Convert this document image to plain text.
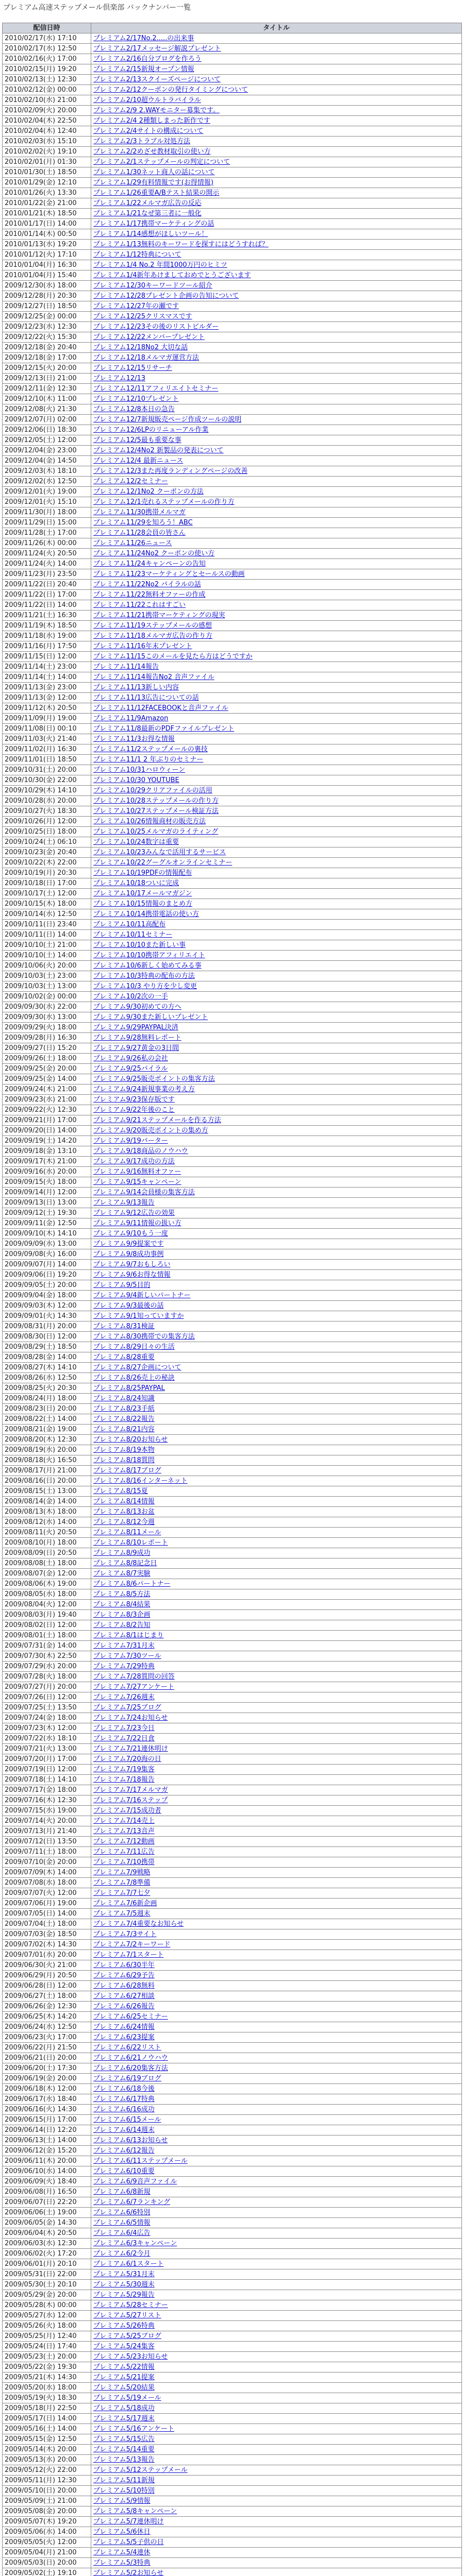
プレミアム高速ステップメール倶楽部 バックナンバー一覧
配信日時	タイトル
2010/02/17(水) 17:10	プレミアム2/17No.2.....の出来事
2010/02/17(水) 12:50	プレミアム2/17メッセージ解説プレゼント
2010/02/16(火) 17:00	プレミアム2/16自分ブログを作ろう
2010/02/15(月) 19:20	プレミアム2/15新規オープン情報
2010/02/13(土) 12:30	プレミアム2/13スクイーズページについて
2010/02/12(金) 00:00	プレミアム2/12クーポンの発行タイミングについて
2010/02/10(水) 21:00	プレミアム2/10超ウルトラバイラル
2010/02/09(火) 20:00	プレミアム2/9 2.WAYモニター募集です。
2010/02/04(木) 22:50	プレミアム2/4 2種類しまった新作です
2010/02/04(木) 12:40	プレミアム2/4サイトの構成について
2010/02/03(水) 15:10	プレミアム2/3トラブル対処方法
2010/02/02(火) 19:10	プレミアム2/2めざせ教材取引の使い方
2010/02/01(月) 01:30	プレミアム2/1ステップメールの判定について
2010/01/30(土) 18:50	プレミアム1/30ネット商人の話について
2010/01/29(金) 12:10	プレミアム1/29有料情報です(お得情報)
2010/01/26(火) 13:30	プレミアム1/26重要A/Bテスト結果の開示
2010/01/22(金) 21:00	プレミアム1/22メルマガ広告の反応
2010/01/21(木) 18:50	プレミアム1/21なぜ第三者に一般化
2010/01/17(日) 14:00	プレミアム1/17携帯マーケティングの話
2010/01/14(木) 00:50	プレミアム1/14感想がほしいツール！
2010/01/13(水) 19:20	プレミアム1/13無料のキーワードを探すにはどうすれば？
2010/01/12(火) 17:10	プレミアム1/12特典について
2010/01/04(月) 16:30	プレミアム1/4 No.2 年間1000万円のヒミツ
2010/01/04(月) 15:40	プレミアム1/4新年あけましておめでとうございます
2009/12/30(水) 18:00	プレミアム12/30キーワードツール紹介
2009/12/28(月) 20:30	プレミアム12/28プレゼント企画の告知について
2009/12/27(日) 18:50	プレミアム12/27年の瀬です
2009/12/25(金) 00:00	プレミアム12/25クリスマスです
2009/12/23(水) 12:30	プレミアム12/23その後のリストビルダー
2009/12/22(火) 15:30	プレミアム12/22メンバープレゼント
2009/12/18(金) 20:40	プレミアム12/18No2 大切な話
2009/12/18(金) 17:00	プレミアム12/18メルマガ運営方法
2009/12/15(火) 20:00	プレミアム12/15リサーチ
2009/12/13(日) 21:00	プレミアム12/13
2009/12/11(金) 12:30	プレミアム12/11アフィリエイトセミナー
2009/12/10(木) 11:00	プレミアム12/10プレゼント
2009/12/08(火) 21:30	プレミアム12/8本日の急告
2009/12/07(月) 02:00	プレミアム12/7新規販売ページ作成ツールの説明
2009/12/06(日) 18:30	プレミアム12/6LPのリニューアル作業
2009/12/05(土) 12:00	プレミアム12/5最も重要な事
2009/12/04(金) 23:00	プレミアム12/4No2 新製品の発表について
2009/12/04(金) 14:50	プレミアム12/4 最新ニュース
2009/12/03(木) 18:10	プレミアム12/3また再度ランディングページの改善
2009/12/02(水) 12:50	プレミアム12/2セミナー
2009/12/01(火) 19:00	プレミアム12/1No2 クーポンの方法
2009/12/01(火) 15:10	プレミアム12/1売れるステップメールの作り方
2009/11/30(月) 18:00	プレミアム11/30携帯メルマガ
2009/11/29(日) 15:00	プレミアム11/29を知ろう！ABC
2009/11/28(土) 17:00	プレミアム11/28会員の皆さん
2009/11/26(木) 00:00	プレミアム11/26ニュース
2009/11/24(火) 20:50	プレミアム11/24No2 クーポンの使い方
2009/11/24(火) 14:00	プレミアム11/24キャンペーンの告知
2009/11/23(月) 23:50	プレミアム11/23マーケティングとセールスの動画
2009/11/22(日) 20:40	プレミアム11/22No2 バイラルの話
2009/11/22(日) 17:00	プレミアム11/22無料オファーの作成
2009/11/22(日) 14:00	プレミアム11/22これはすごい
2009/11/21(土) 16:30	プレミアム11/21携帯マーケティングの現実
2009/11/19(木) 18:50	プレミアム11/19ステップメールの感想
2009/11/18(水) 19:00	プレミアム11/18メルマガ広告の作り方
2009/11/16(月) 17:50	プレミアム11/16年末プレゼント
2009/11/15(日) 12:00	プレミアム11/15このメールを見たら方はどうですか
2009/11/14(土) 23:00	プレミアム11/14報告
2009/11/14(土) 14:00	プレミアム11/14報告No2 音声ファイル
2009/11/13(金) 23:00	プレミアム11/13新しい内容
2009/11/13(金) 12:00	プレミアム11/13広告についての話
2009/11/12(木) 20:50	プレミアム11/12FACEBOOKと音声ファイル
2009/11/09(月) 19:00	プレミアム11/9Amazon
2009/11/08(日) 00:10	プレミアム11/8最新のPDFファイルプレゼント
2009/11/03(火) 21:40	プレミアム11/3お得な情報
2009/11/02(月) 16:30	プレミアム11/2ステップメールの裏技
2009/11/01(日) 18:50	プレミアム11/1 2 年ぶりのセミナー
2009/10/31(土) 20:00	プレミアム10/31ハロウィーン
2009/10/30(金) 22:00	プレミアム10/30 YOUTUBE
2009/10/29(木) 14:10	プレミアム10/29クリアファイルの活用
2009/10/28(水) 20:00	プレミアム10/28ステップメールの作り方
2009/10/27(火) 18:30	プレミアム10/27ステップメール検証方法
2009/10/26(月) 12:00	プレミアム10/26情報商材の販売方法
2009/10/25(日) 18:00	プレミアム10/25メルマガのライティング
2009/10/24(土) 06:10	プレミアム10/24数字は重要
2009/10/23(金) 20:40	プレミアム10/23みんなで活用するサービス
2009/10/22(木) 22:00	プレミアム10/22グーグルオンラインセミナー
2009/10/19(月) 20:30	プレミアム10/19PDFの情報配布
2009/10/18(日) 17:00	プレミアム10/18ついに完成
2009/10/17(土) 12:00	プレミアム10/17メールマガジン
2009/10/15(木) 18:00	プレミアム10/15情報のまとめ方
2009/10/14(水) 12:50	プレミアム10/14携帯電話の使い方
2009/10/11(日) 23:40	プレミアム10/11高配布
2009/10/11(日) 14:00	プレミアム10/11セミナー
2009/10/10(土) 21:00	プレミアム10/10また新しい事
2009/10/10(土) 14:00	プレミアム10/10携帯アフィリエイト
2009/10/06(火) 20:00	プレミアム10/6新しく始めてみる事
2009/10/03(土) 23:00	プレミアム10/3特典の配布の方法
2009/10/03(土) 13:00	プレミアム10/3 やり方を少し変更
2009/10/02(金) 00:00	プレミアム10/2次の一手
2009/09/30(水) 22:00	プレミアム9/30初めての方へ
2009/09/30(水) 13:00	プレミアム9/30また新しいプレゼント
2009/09/29(火) 18:00	プレミアム9/29PAYPAL決済
2009/09/28(月) 16:30	プレミアム9/28無料レポート
2009/09/27(日) 15:20	プレミアム9/27黄金の3日間
2009/09/26(土) 18:00	プレミアム9/26私の会社
2009/09/25(金) 20:00	プレミアム9/25バイラル
2009/09/25(金) 14:00	プレミアム9/25販売ポイントの集客方法
2009/09/24(木) 21:00	プレミアム9/24新規事業の考え方
2009/09/23(水) 21:00	プレミアム9/23保存版です
2009/09/22(火) 12:30	プレミアム9/22年後のこと
2009/09/21(月) 17:00	プレミアム9/21ステップメールを作る方法
2009/09/20(日) 14:00	プレミアム9/20販売ポイントの集め方
2009/09/19(土) 14:20	プレミアム9/19バーター
2009/09/18(金) 13:10	プレミアム9/18商品のノウハウ
2009/09/17(木) 21:00	プレミアム9/17成功の方法
2009/09/16(水) 20:00	プレミアム9/16無料オファー
2009/09/15(火) 18:00	プレミアム9/15キャンペーン
2009/09/14(月) 12:00	プレミアム9/14会員様の集客方法
2009/09/13(日) 13:00	プレミアム9/13報告
2009/09/12(土) 19:30	プレミアム9/12広告の効果
2009/09/11(金) 12:50	プレミアム9/11情報の扱い方
2009/09/10(木) 14:10	プレミアム9/10もう一度
2009/09/09(水) 13:00	プレミアム9/9提案です
2009/09/08(火) 16:00	プレミアム9/8成功事例
2009/09/07(月) 14:00	プレミアム9/7おもしろい
2009/09/06(日) 19:20	プレミアム9/6お得な情報
2009/09/05(土) 20:00	プレミアム9/5目的
2009/09/04(金) 18:00	プレミアム9/4新しいパートナー
2009/09/03(木) 12:00	プレミアム9/3最後の話
2009/09/01(火) 14:30	プレミアム9/1知っていますか
2009/08/31(月) 20:00	プレミアム8/31検証
2009/08/30(日) 12:00	プレミアム8/30携帯での集客方法
2009/08/29(土) 18:50	プレミアム8/29日々の生活
2009/08/28(金) 14:00	プレミアム8/28重要
2009/08/27(木) 14:10	プレミアム8/27企画について
2009/08/26(水) 12:50	プレミアム8/26売上の秘訣
2009/08/25(火) 20:30	プレミアム8/25PAYPAL
2009/08/24(月) 18:00	プレミアム8/24知識
2009/08/23(日) 20:00	プレミアム8/23手紙
2009/08/22(土) 14:00	プレミアム8/22報告
2009/08/21(金) 19:00	プレミアム8/21内容
2009/08/20(木) 12:30	プレミアム8/20お知らせ
2009/08/19(水) 20:00	プレミアム8/19本物
2009/08/18(火) 16:50	プレミアム8/18質問
2009/08/17(月) 21:00	プレミアム8/17ブログ
2009/08/16(日) 20:00	プレミアム8/16インターネット
2009/08/15(土) 13:00	プレミアム8/15夏
2009/08/14(金) 14:00	プレミアム8/14情報
2009/08/13(木) 18:00	プレミアム8/13お盆
2009/08/12(水) 14:00	プレミアム8/12今週
2009/08/11(火) 20:50	プレミアム8/11メール
2009/08/10(月) 18:00	プレミアム8/10レポート
2009/08/09(日) 20:50	プレミアム8/9成功
2009/08/08(土) 18:00	プレミアム8/8記念日
2009/08/07(金) 12:00	プレミアム8/7実験
2009/08/06(木) 19:00	プレミアム8/6パートナー
2009/08/05(水) 18:00	プレミアム8/5方法
2009/08/04(火) 12:00	プレミアム8/4結果
2009/08/03(月) 19:40	プレミアム8/3企画
2009/08/02(日) 12:00	プレミアム8/2告知
2009/08/01(土) 18:00	プレミアム8/1はじまり
2009/07/31(金) 14:00	プレミアム7/31月末
2009/07/30(木) 22:50	プレミアム7/30ツール
2009/07/29(水) 20:00	プレミアム7/29特典
2009/07/28(火) 18:00	プレミアム7/28質問の回答
2009/07/27(月) 20:00	プレミアム7/27アンケート
2009/07/26(日) 12:00	プレミアム7/26週末
2009/07/25(土) 13:50	プレミアム7/25ブログ
2009/07/24(金) 18:00	プレミアム7/24お知らせ
2009/07/23(木) 12:00	プレミアム7/23今日
2009/07/22(水) 18:10	プレミアム7/22日食
2009/07/21(火) 13:00	プレミアム7/21連休明け
2009/07/20(月) 17:00	プレミアム7/20海の日
2009/07/19(日) 12:00	プレミアム7/19集客
2009/07/18(土) 14:10	プレミアム7/18報告
2009/07/17(金) 18:00	プレミアム7/17メルマガ
2009/07/16(木) 12:30	プレミアム7/16ステップ
2009/07/15(水) 19:00	プレミアム7/15成功者
2009/07/14(火) 20:00	プレミアム7/14売上
2009/07/13(月) 21:40	プレミアム7/13音声
2009/07/12(日) 13:50	プレミアム7/12動画
2009/07/11(土) 18:00	プレミアム7/11広告
2009/07/10(金) 20:00	プレミアム7/10携帯
2009/07/09(木) 14:00	プレミアム7/9戦略
2009/07/08(水) 18:00	プレミアム7/8準備
2009/07/07(火) 12:00	プレミアム7/7七夕
2009/07/06(月) 19:00	プレミアム7/6新企画
2009/07/05(日) 14:00	プレミアム7/5週末
2009/07/04(土) 18:00	プレミアム7/4重要なお知らせ
2009/07/03(金) 18:50	プレミアム7/3サイト
2009/07/02(木) 14:30	プレミアム7/2キーワード
2009/07/01(水) 20:00	プレミアム7/1スタート
2009/06/30(火) 21:00	プレミアム6/30半年
2009/06/29(月) 20:50	プレミアム6/29予告
2009/06/28(日) 12:00	プレミアム6/28無料
2009/06/27(土) 18:00	プレミアム6/27相談
2009/06/26(金) 12:30	プレミアム6/26報告
2009/06/25(木) 14:20	プレミアム6/25セミナー
2009/06/24(水) 12:50	プレミアム6/24情報
2009/06/23(火) 17:00	プレミアム6/23提案
2009/06/22(月) 21:50	プレミアム6/22リスト
2009/06/21(日) 20:00	プレミアム6/21ノウハウ
2009/06/20(土) 17:30	プレミアム6/20集客方法
2009/06/19(金) 20:00	プレミアム6/19ブログ
2009/06/18(木) 12:00	プレミアム6/18今後
2009/06/17(水) 18:40	プレミアム6/17特典
2009/06/16(火) 14:30	プレミアム6/16成功
2009/06/15(月) 17:00	プレミアム6/15メール
2009/06/14(日) 12:20	プレミアム6/14週末
2009/06/13(土) 14:00	プレミアム6/13お知らせ
2009/06/12(金) 15:20	プレミアム6/12報告
2009/06/11(木) 20:00	プレミアム6/11ステップメール
2009/06/10(水) 14:00	プレミアム6/10重要
2009/06/09(火) 18:40	プレミアム6/9音声ファイル
2009/06/08(月) 16:50	プレミアム6/8新規
2009/06/07(日) 22:20	プレミアム6/7ランキング
2009/06/06(土) 19:00	プレミアム6/6特別
2009/06/05(金) 14:30	プレミアム6/5情報
2009/06/04(木) 20:50	プレミアム6/4広告
2009/06/03(水) 12:30	プレミアム6/3キャンペーン
2009/06/02(火) 17:20	プレミアム6/2今月
2009/06/01(月) 20:10	プレミアム6/1スタート
2009/05/31(日) 22:00	プレミアム5/31月末
2009/05/30(土) 20:10	プレミアム5/30週末
2009/05/29(金) 20:00	プレミアム5/29報告
2009/05/28(木) 00:00	プレミアム5/28セミナー
2009/05/27(水) 12:00	プレミアム5/27リスト
2009/05/26(火) 18:00	プレミアム5/26特典
2009/05/25(月) 12:40	プレミアム5/25ブログ
2009/05/24(日) 17:40	プレミアム5/24集客
2009/05/23(土) 20:00	プレミアム5/23お知らせ
2009/05/22(金) 19:30	プレミアム5/22情報
2009/05/21(木) 14:30	プレミアム5/21提案
2009/05/20(水) 18:00	プレミアム5/20結果
2009/05/19(火) 18:30	プレミアム5/19メール
2009/05/18(月) 22:50	プレミアム5/18成功
2009/05/17(日) 14:00	プレミアム5/17週末
2009/05/16(土) 14:00	プレミアム5/16アンケート
2009/05/15(金) 12:50	プレミアム5/15広告
2009/05/14(木) 20:00	プレミアム5/14重要
2009/05/13(水) 20:00	プレミアム5/13報告
2009/05/12(火) 22:00	プレミアム5/12ステップメール
2009/05/11(月) 12:30	プレミアム5/11新規
2009/05/10(日) 20:00	プレミアム5/10特別
2009/05/09(土) 21:00	プレミアム5/9情報
2009/05/08(金) 20:00	プレミアム5/8キャンペーン
2009/05/07(木) 19:20	プレミアム5/7連休明け
2009/05/06(水) 14:00	プレミアム5/6休日
2009/05/05(火) 12:00	プレミアム5/5子供の日
2009/05/04(月) 21:00	プレミアム5/4連休
2009/05/03(日) 20:00	プレミアム5/3特典
2009/05/02(土) 19:10	プレミアム5/2お知らせ
